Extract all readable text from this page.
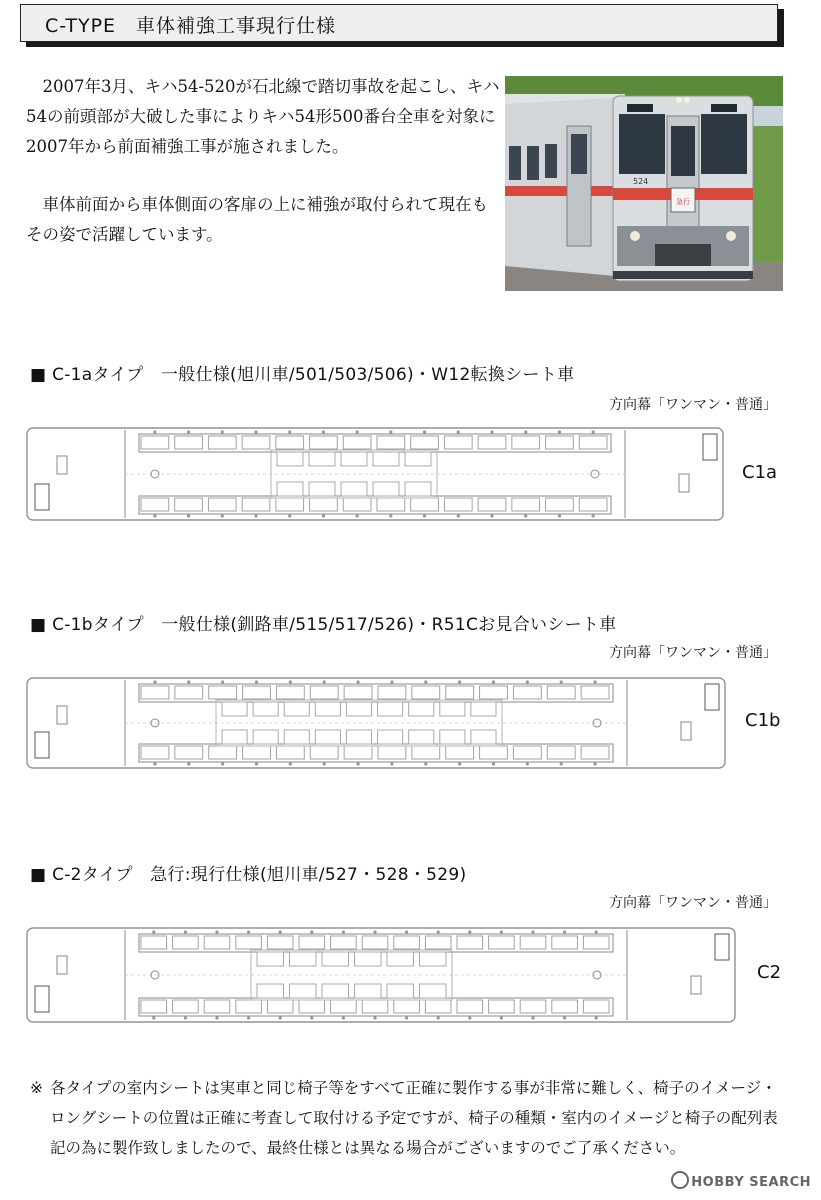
C-TYPE　車体補強工事現行仕様

2007年3月、キハ54-520が石北線で踏切事故を起こし、キハ54の前頭部が大破した事によりキハ54形500番台全車を対象に2007年から前面補強工事が施されました。

車体前面から車体側面の客扉の上に補強が取付られて現在もその姿で活躍しています。

急行
524
■ C-1aタイプ　一般仕様(旭川車/501/503/506)・W12転換シート車
方向幕「ワンマン・普通」
C1a
■ C-1bタイプ　一般仕様(釧路車/515/517/526)・R51Cお見合いシート車
方向幕「ワンマン・普通」
C1b
■ C-2タイプ　急行:現行仕様(旭川車/527・528・529)
方向幕「ワンマン・普通」
C2
※ 各タイプの室内シートは実車と同じ椅子等をすべて正確に製作する事が非常に難しく、椅子のイメージ・ロングシートの位置は正確に考査して取付ける予定ですが、椅子の種類・室内のイメージと椅子の配列表記の為に製作致しましたので、最終仕様とは異なる場合がございますのでご了承ください。
HOBBY SEARCH
